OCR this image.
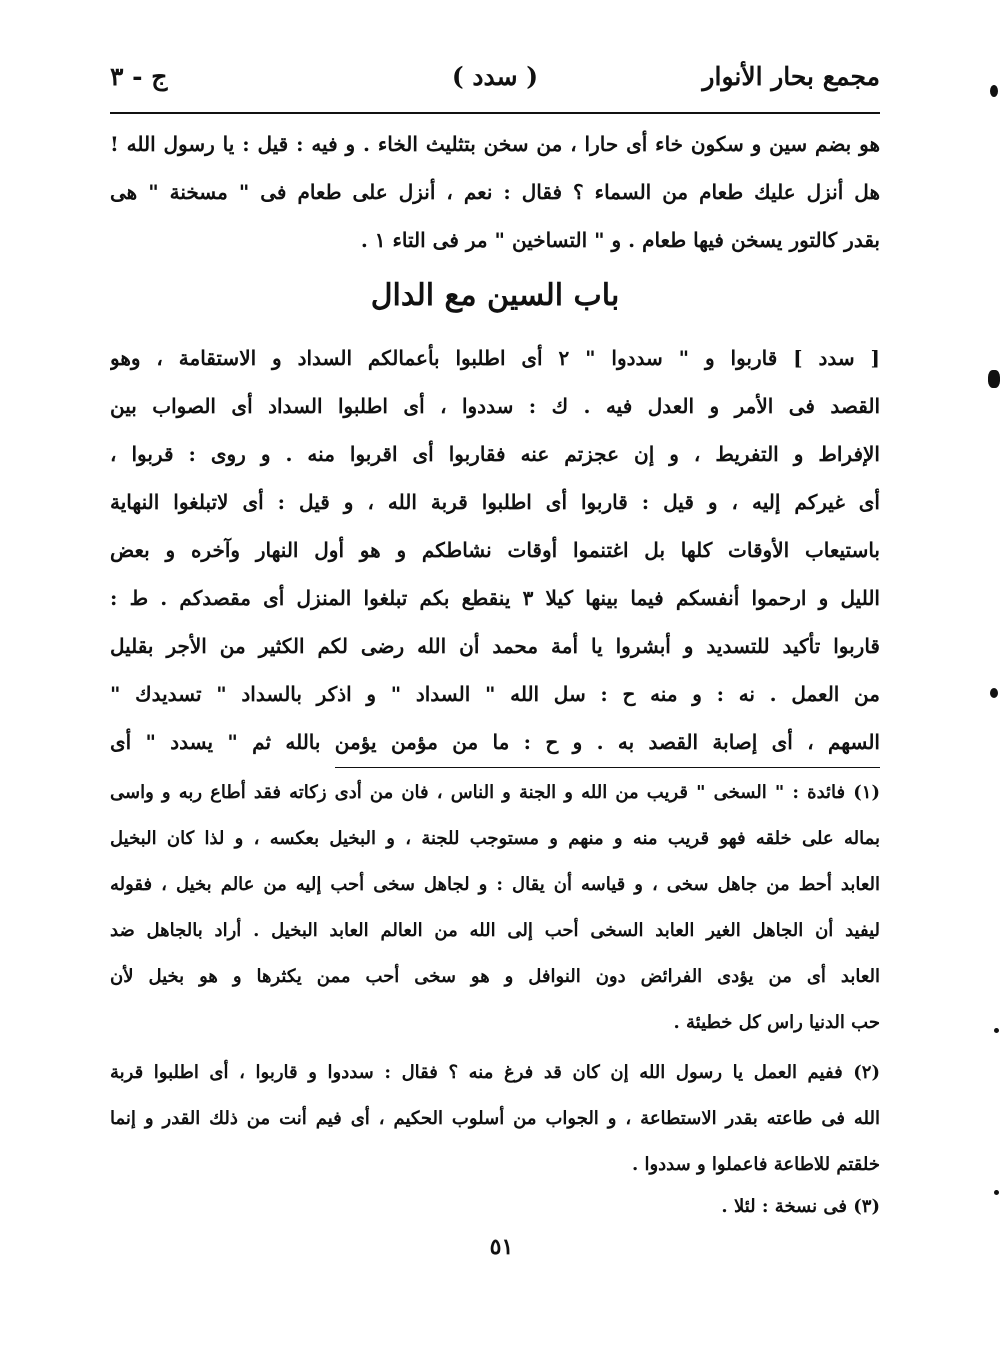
مجمع بحار الأنوار
( سدد )
ج - ٣
هو بضم سين و سكون خاء أى حارا ، من سخن بتثليث الخاء . و فيه : قيل : يا رسول الله !
هل أنزل عليك طعام من السماء ؟ فقال : نعم ، أنزل على طعام فى " مسخنة " هى
بقدر كالتور يسخن فيها طعام . و " التساخين " مر فى التاء ١ .
باب السين مع الدال
[ سدد ] قاربوا و " سددوا " ٢ أى اطلبوا بأعمالكم السداد و الاستقامة ، وهو
القصد فى الأمر و العدل فيه . ك : سددوا ، أى اطلبوا السداد أى الصواب بين
الإفراط و التفريط ، و إن عجزتم عنه فقاربوا أى اقربوا منه . و روى : قربوا ،
أى غيركم إليه ، و قيل : قاربوا أى اطلبوا قربة الله ، و قيل : أى لاتبلغوا النهاية
باستيعاب الأوقات كلها بل اغتنموا أوقات نشاطكم و هو أول النهار وآخره و بعض
الليل و ارحموا أنفسكم فيما بينها كيلا ٣ ينقطع بكم تبلغوا المنزل أى مقصدكم . ط :
قاربوا تأكيد للتسديد و أبشروا يا أمة محمد أن الله رضى لكم الكثير من الأجر بقليل
من العمل . نه : و منه ح : سل الله " السداد " و اذكر بالسداد " تسديدك "
السهم ، أى إصابة القصد به . و ح : ما من مؤمن يؤمن بالله ثم " يسدد " أى
(١) فائدة : " السخى " قريب من الله و الجنة و الناس ، فان من أدى زكاته فقد أطاع ربه و واسى
بماله على خلقه فهو قريب منه و منهم و مستوجب للجنة ، و البخيل بعكسه ، و لذا كان البخيل
العابد أحط من جاهل سخى ، و قياسه أن يقال : و لجاهل سخى أحب إليه من عالم بخيل ، فقوله
ليفيد أن الجاهل الغير العابد السخى أحب إلى الله من العالم العابد البخيل . أراد بالجاهل ضد
العابد أى من يؤدى الفرائض دون النوافل و هو سخى أحب ممن يكثرها و هو بخيل لأن
حب الدنيا راس كل خطيئة .
(٢) ففيم العمل يا رسول الله إن كان قد فرغ منه ؟ فقال : سددوا و قاربوا ، أى اطلبوا قربة
الله فى طاعته بقدر الاستطاعة ، و الجواب من أسلوب الحكيم ، أى فيم أنت من ذلك القدر و إنما
خلقتم للاطاعة فاعملوا و سددوا .
(٣) فى نسخة : لئلا .
٥١
